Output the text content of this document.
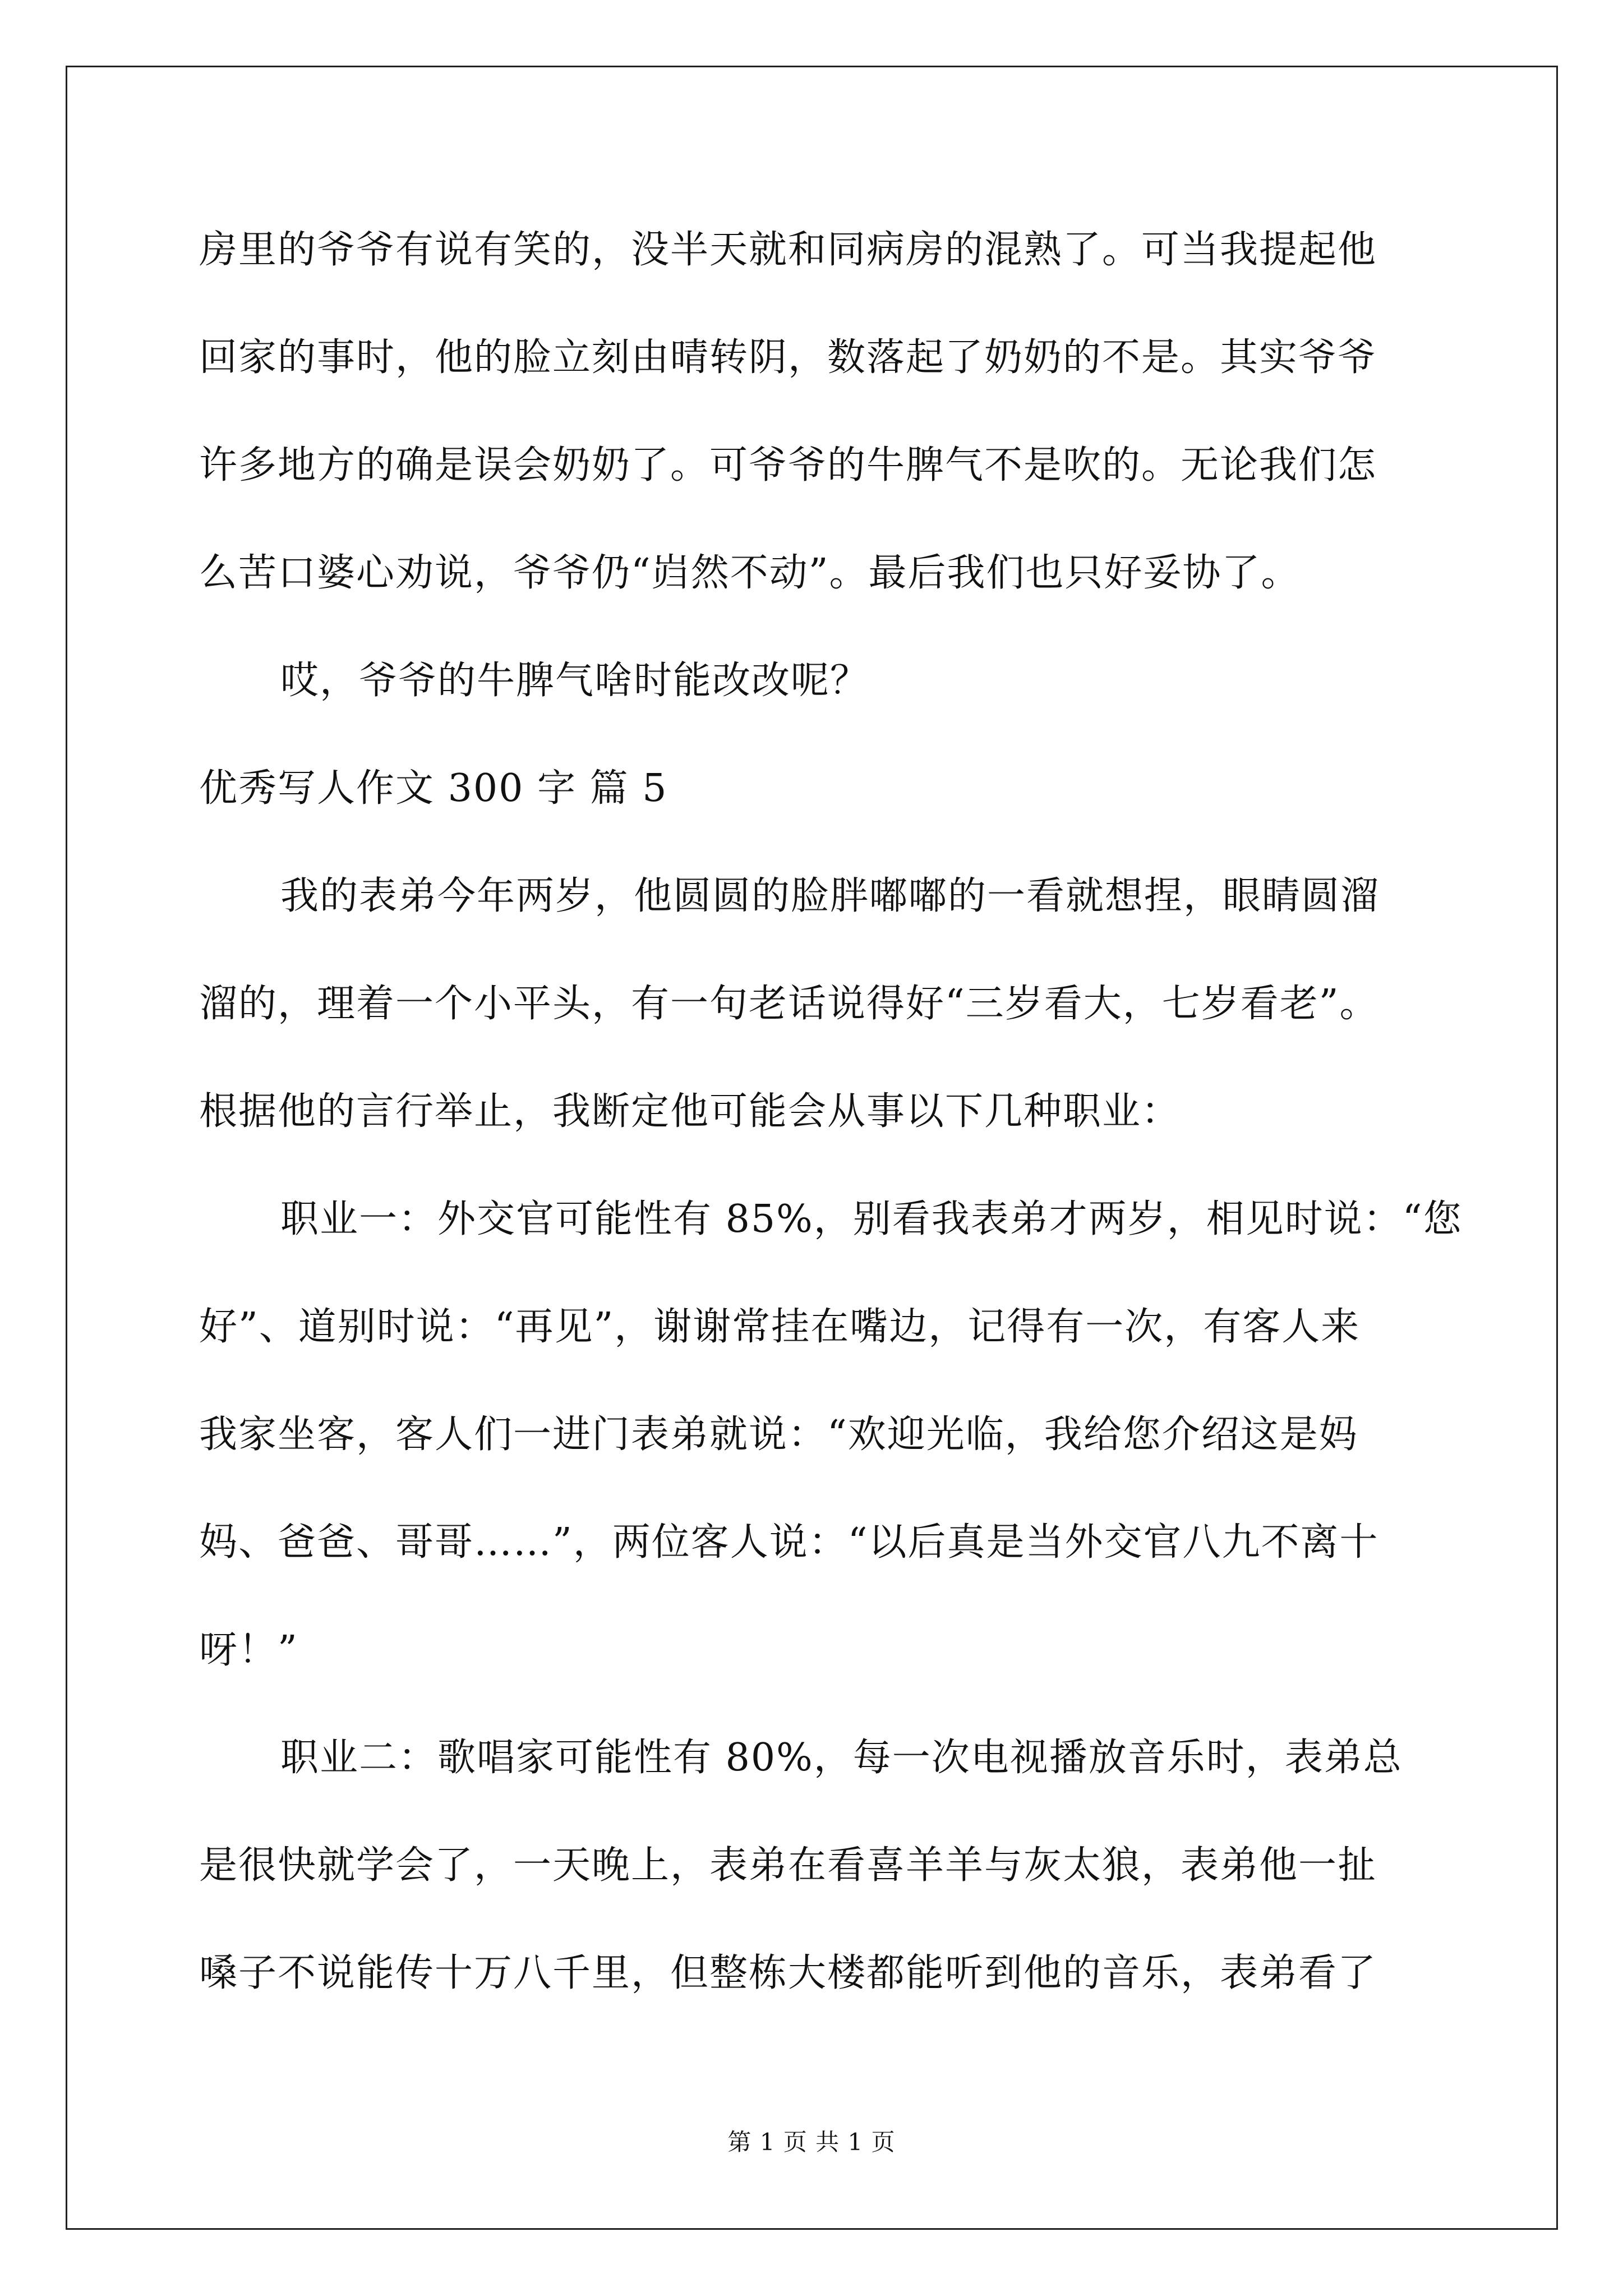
房里的爷爷有说有笑的，没半天就和同病房的混熟了。可当我提起他

回家的事时，他的脸立刻由晴转阴，数落起了奶奶的不是。其实爷爷

许多地方的确是误会奶奶了。可爷爷的牛脾气不是吹的。无论我们怎

么苦口婆心劝说，爷爷仍“岿然不动”。最后我们也只好妥协了。

哎，爷爷的牛脾气啥时能改改呢？

优秀写人作文 300 字 篇 5

我的表弟今年两岁，他圆圆的脸胖嘟嘟的一看就想捏，眼睛圆溜

溜的，理着一个小平头，有一句老话说得好“三岁看大，七岁看老”。

根据他的言行举止，我断定他可能会从事以下几种职业：

职业一：外交官可能性有 85%，别看我表弟才两岁，相见时说：“您

好”、道别时说：“再见”，谢谢常挂在嘴边，记得有一次，有客人来

我家坐客，客人们一进门表弟就说：“欢迎光临，我给您介绍这是妈

妈、爸爸、哥哥……”，两位客人说：“以后真是当外交官八九不离十

呀！”

职业二：歌唱家可能性有 80%，每一次电视播放音乐时，表弟总

是很快就学会了，一天晚上，表弟在看喜羊羊与灰太狼，表弟他一扯

嗓子不说能传十万八千里，但整栋大楼都能听到他的音乐，表弟看了

第 1 页 共 1 页
